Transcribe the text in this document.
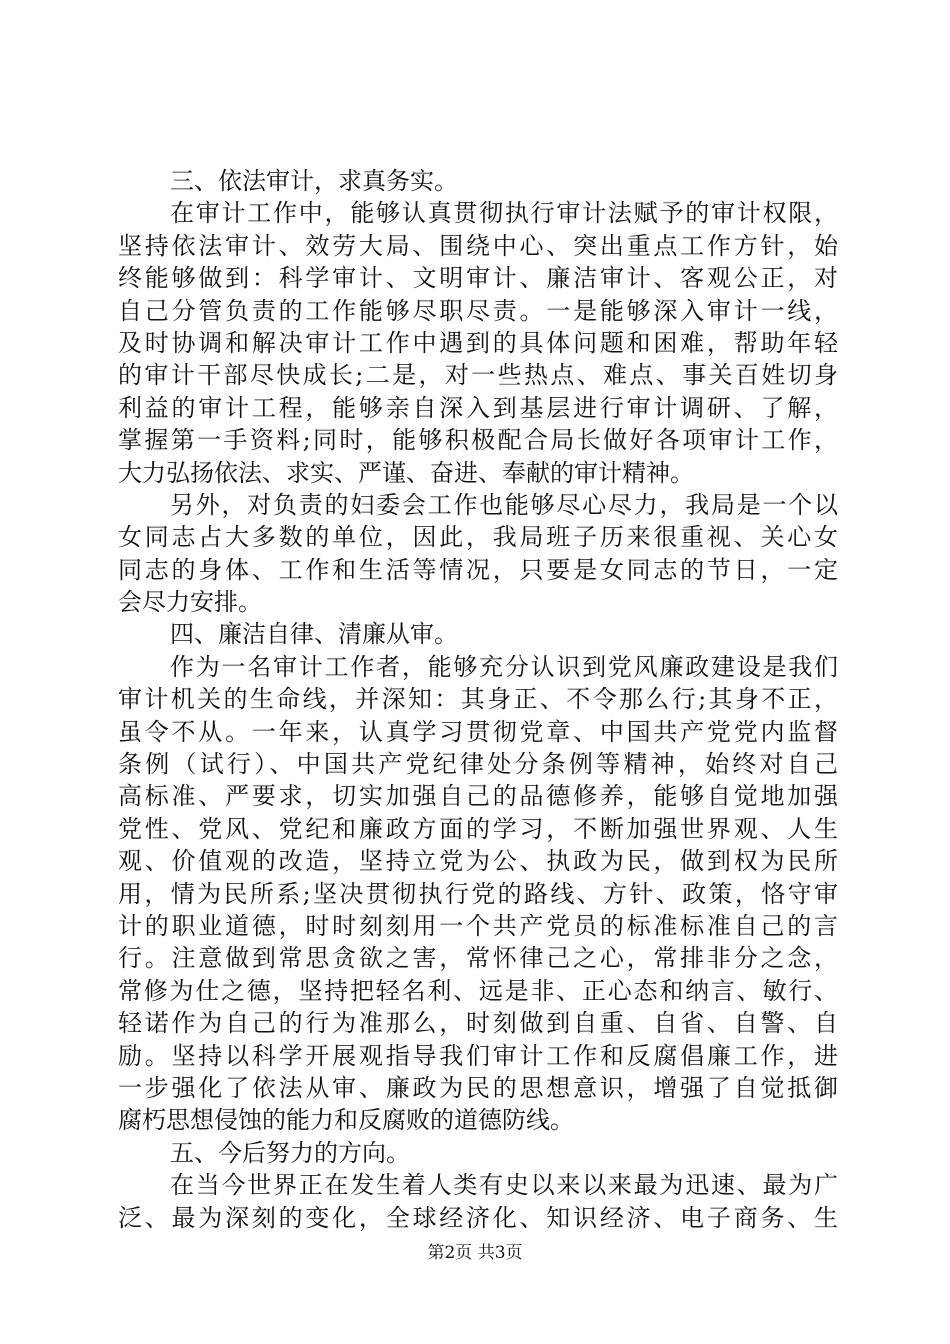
三、依法审计，求真务实。
在审计工作中，能够认真贯彻执行审计法赋予的审计权限，
坚持依法审计、效劳大局、围绕中心、突出重点工作方针，始
终能够做到：科学审计、文明审计、廉洁审计、客观公正，对
自己分管负责的工作能够尽职尽责。一是能够深入审计一线，
及时协调和解决审计工作中遇到的具体问题和困难，帮助年轻
的审计干部尽快成长;二是，对一些热点、难点、事关百姓切身
利益的审计工程，能够亲自深入到基层进行审计调研、了解，
掌握第一手资料;同时，能够积极配合局长做好各项审计工作，
大力弘扬依法、求实、严谨、奋进、奉献的审计精神。
另外，对负责的妇委会工作也能够尽心尽力，我局是一个以
女同志占大多数的单位，因此，我局班子历来很重视、关心女
同志的身体、工作和生活等情况，只要是女同志的节日，一定
会尽力安排。
四、廉洁自律、清廉从审。
作为一名审计工作者，能够充分认识到党风廉政建设是我们
审计机关的生命线，并深知：其身正、不令那么行;其身不正，
虽令不从。一年来，认真学习贯彻党章、中国共产党党内监督
条例（试行）、中国共产党纪律处分条例等精神，始终对自己
高标准、严要求，切实加强自己的品德修养，能够自觉地加强
党性、党风、党纪和廉政方面的学习，不断加强世界观、人生
观、价值观的改造，坚持立党为公、执政为民，做到权为民所
用，情为民所系;坚决贯彻执行党的路线、方针、政策，恪守审
计的职业道德，时时刻刻用一个共产党员的标准标准自己的言
行。注意做到常思贪欲之害，常怀律己之心，常排非分之念，
常修为仕之德，坚持把轻名利、远是非、正心态和纳言、敏行、
轻诺作为自己的行为准那么，时刻做到自重、自省、自警、自
励。坚持以科学开展观指导我们审计工作和反腐倡廉工作，进
一步强化了依法从审、廉政为民的思想意识，增强了自觉抵御
腐朽思想侵蚀的能力和反腐败的道德防线。
五、今后努力的方向。
在当今世界正在发生着人类有史以来以来最为迅速、最为广
泛、最为深刻的变化，全球经济化、知识经济、电子商务、生
第2页 共3页
